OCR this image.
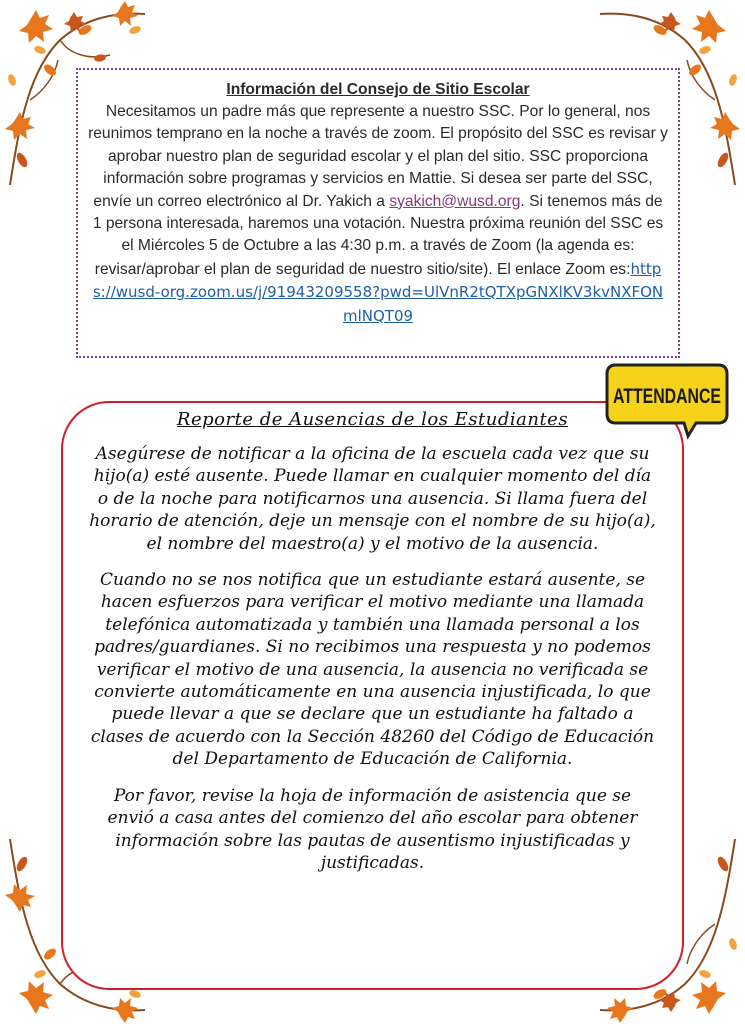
Información del Consejo de Sitio Escolar

Necesitamos un padre más que represente a nuestro SSC. Por lo general, nos reunimos temprano en la noche a través de zoom. El propósito del SSC es revisar y aprobar nuestro plan de seguridad escolar y el plan del sitio. SSC proporciona información sobre programas y servicios en Mattie. Si desea ser parte del SSC, envíe un correo electrónico al Dr. Yakich a syakich@wusd.org. Si tenemos más de 1 persona interesada, haremos una votación. Nuestra próxima reunión del SSC es el Miércoles 5 de Octubre a las 4:30 p.m. a través de Zoom (la agenda es: revisar/aprobar el plan de seguridad de nuestro sitio/site). El enlace Zoom es:https://wusd-org.zoom.us/j/91943209558?pwd=UlVnR2tQTXpGNXlKV3kvNXFONmlNQT09

Reporte de Ausencias de los Estudiantes

Asegúrese de notificar a la oficina de la escuela cada vez que su hijo(a) esté ausente. Puede llamar en cualquier momento del día o de la noche para notificarnos una ausencia. Si llama fuera del horario de atención, deje un mensaje con el nombre de su hijo(a), el nombre del maestro(a) y el motivo de la ausencia.

Cuando no se nos notifica que un estudiante estará ausente, se hacen esfuerzos para verificar el motivo mediante una llamada telefónica automatizada y también una llamada personal a los padres/guardianes. Si no recibimos una respuesta y no podemos verificar el motivo de una ausencia, la ausencia no verificada se convierte automáticamente en una ausencia injustificada, lo que puede llevar a que se declare que un estudiante ha faltado a clases de acuerdo con la Sección 48260 del Código de Educación del Departamento de Educación de California.

Por favor, revise la hoja de información de asistencia que se envió a casa antes del comienzo del año escolar para obtener información sobre las pautas de ausentismo injustificadas y justificadas.

ATTENDANCE
